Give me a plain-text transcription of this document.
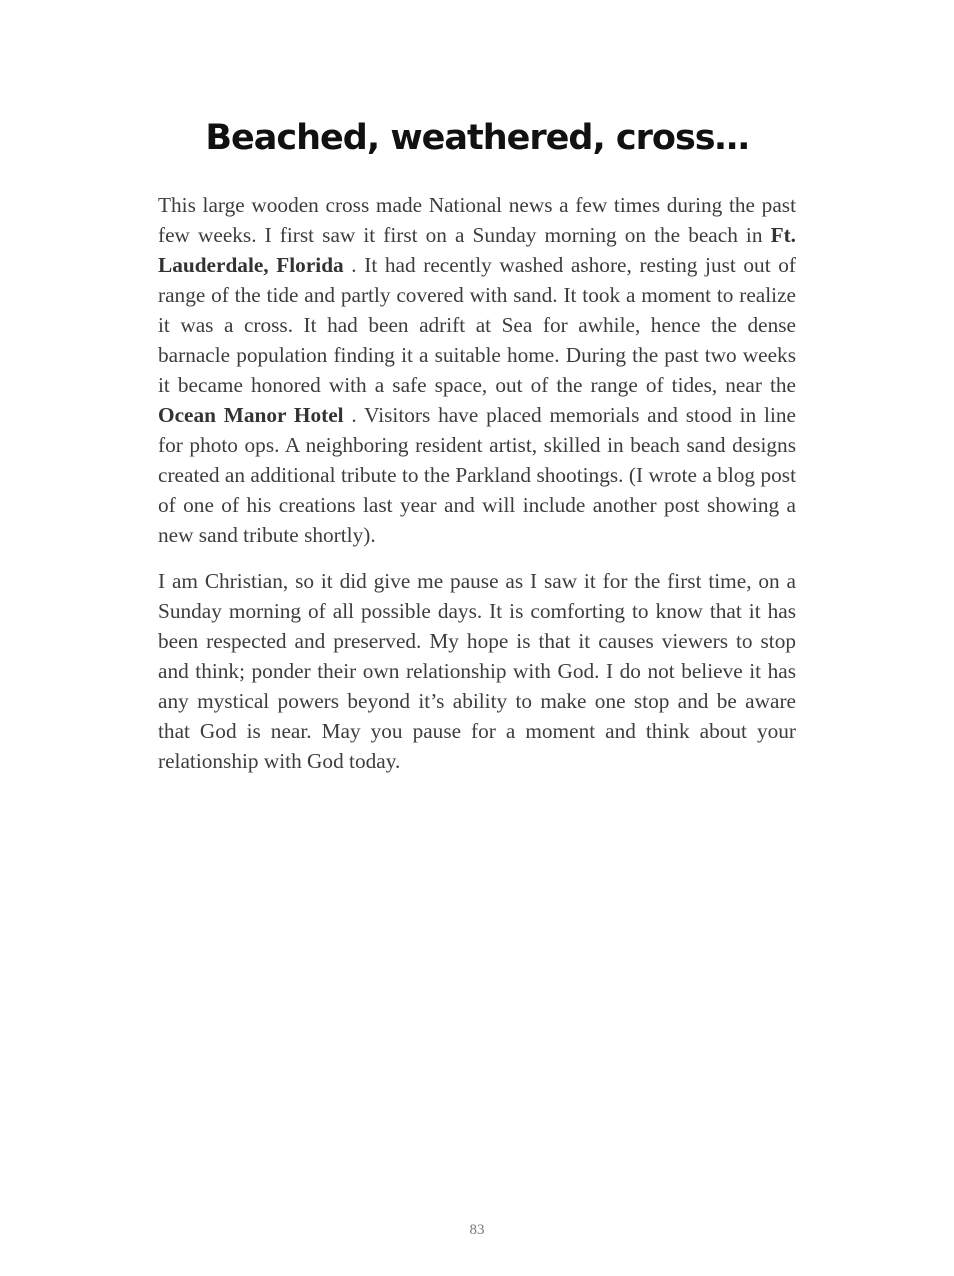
Beached, weathered, cross…

This large wooden cross made National news a few times during the past few weeks. I first saw it first on a Sunday morning on the beach in Ft. Lauderdale, Florida . It had recently washed ashore, resting just out of range of the tide and partly covered with sand. It took a moment to realize it was a cross. It had been adrift at Sea for awhile, hence the dense barnacle population finding it a suitable home. During the past two weeks it became honored with a safe space, out of the range of tides, near the Ocean Manor Hotel . Visitors have placed memorials and stood in line for photo ops. A neighboring resident artist, skilled in beach sand designs created an additional tribute to the Parkland shootings. (I wrote a blog post of one of his creations last year and will include another post showing a new sand tribute shortly).

I am Christian, so it did give me pause as I saw it for the first time, on a Sunday morning of all possible days. It is comforting to know that it has been respected and preserved. My hope is that it causes viewers to stop and think; ponder their own relationship with God. I do not believe it has any mystical powers beyond it’s ability to make one stop and be aware that God is near. May you pause for a moment and think about your relationship with God today.

83
